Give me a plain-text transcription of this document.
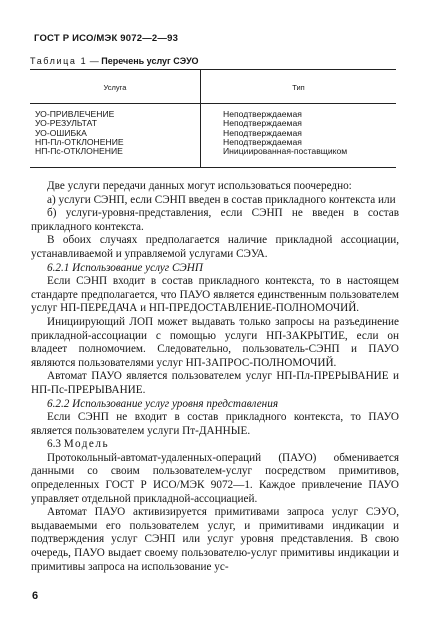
ГОСТ Р ИСО/МЭК 9072—2—93
Таблица 1 — Перечень услуг СЭУО
Услуга	Тип
УО-ПРИВЛЕЧЕНИЕ
УО-РЕЗУЛЬТАТ
УО-ОШИБКА
НП-Пл-ОТКЛОНЕНИЕ
НП-Пс-ОТКЛОНЕНИЕ
Неподтверждаемая
Неподтверждаемая
Неподтверждаемая
Неподтверждаемая
Инициированная-поставщиком

Две услуги передачи данных могут использоваться поочередно:

а) услуги СЭНП, если СЭНП введен в состав прикладного контекста или

б) услуги-уровня-представления, если СЭНП не введен в состав прикладного контекста.

В обоих случаях предполагается наличие прикладной ассоциации, устанавливаемой и управляемой услугами СЭУА.

6.2.1 Использование услуг СЭНП

Если СЭНП входит в состав прикладного контекста, то в настоящем стандарте предполагается, что ПАУО является единственным пользователем услуг НП-ПЕРЕДАЧА и НП-ПРЕДОСТАВЛЕНИЕ-ПОЛНОМОЧИЙ.

Инициирующий ЛОП может выдавать только запросы на разъединение прикладной-ассоциации с помощью услуги НП-ЗАКРЫТИЕ, если он владеет полномочием. Следовательно, пользователь-СЭНП и ПАУО являются пользователями услуг НП-ЗАПРОС-ПОЛНОМОЧИЙ.

Автомат ПАУО является пользователем услуг НП-Пл-ПРЕРЫВАНИЕ и НП-Пс-ПРЕРЫВАНИЕ.

6.2.2 Использование услуг уровня представления

Если СЭНП не входит в состав прикладного контекста, то ПАУО является пользователем услуги Пт-ДАННЫЕ.

6.3 Модель

Протокольный-автомат-удаленных-операций (ПАУО) обменивается данными со своим пользователем-услуг посредством примитивов, определенных ГОСТ Р ИСО/МЭК 9072—1. Каждое привлечение ПАУО управляет отдельной прикладной-ассоциацией.

Автомат ПАУО активизируется примитивами запроса услуг СЭУО, выдаваемыми его пользователем услуг, и примитивами индикации и подтверждения услуг СЭНП или услуг уровня представления. В свою очередь, ПАУО выдает своему пользователю-услуг примитивы индикации и примитивы запроса на использование ус-

6
